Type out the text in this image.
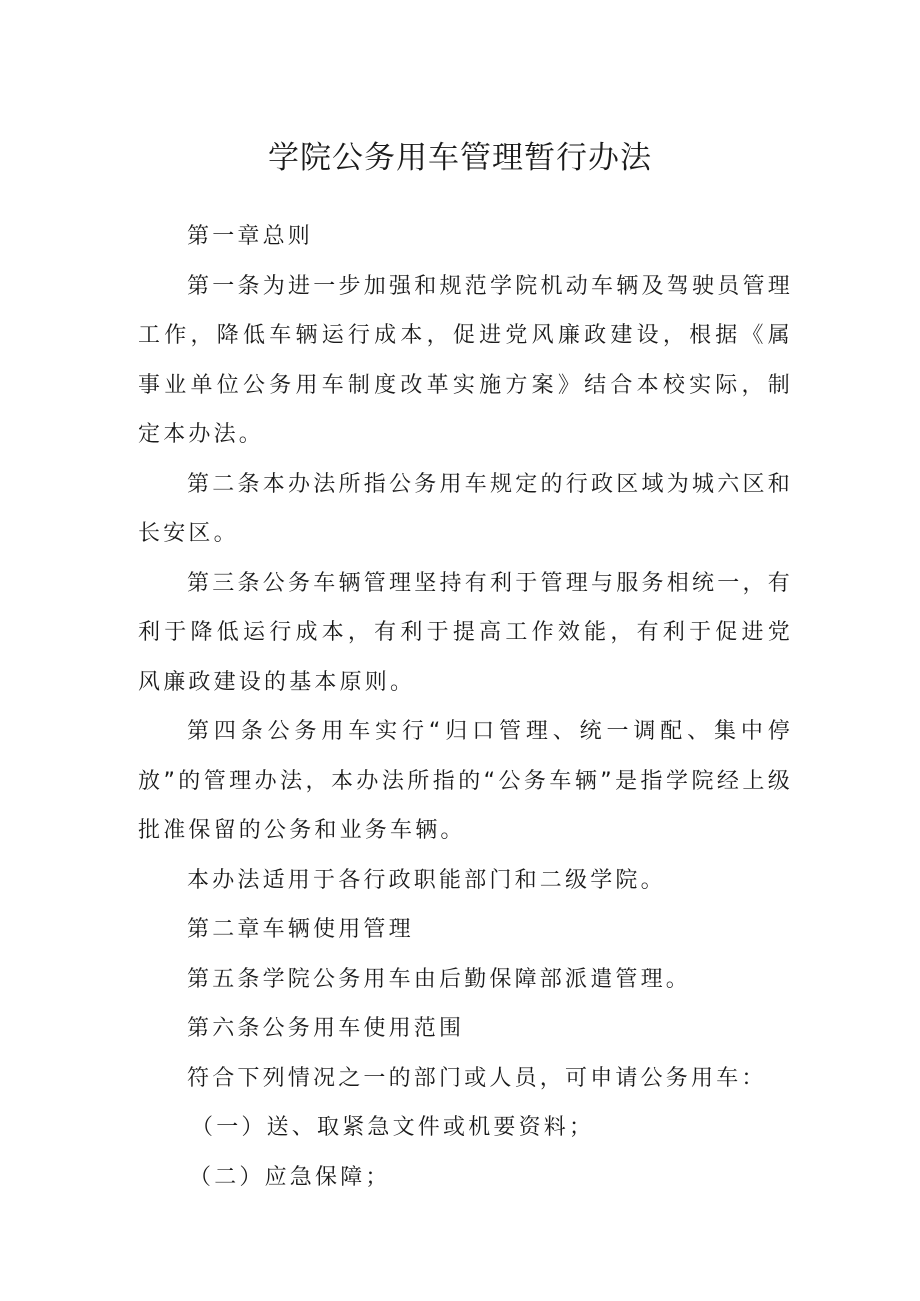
学院公务用车管理暂行办法

第一章总则

第一条为进一步加强和规范学院机动车辆及驾驶员管理工作，降低车辆运行成本，促进党风廉政建设，根据《属事业单位公务用车制度改革实施方案》结合本校实际，制定本办法。

第二条本办法所指公务用车规定的行政区域为城六区和长安区。

第三条公务车辆管理坚持有利于管理与服务相统一，有利于降低运行成本，有利于提高工作效能，有利于促进党风廉政建设的基本原则。

第四条公务用车实行“归口管理、统一调配、集中停放”的管理办法，本办法所指的“公务车辆”是指学院经上级批准保留的公务和业务车辆。

本办法适用于各行政职能部门和二级学院。

第二章车辆使用管理

第五条学院公务用车由后勤保障部派遣管理。

第六条公务用车使用范围

符合下列情况之一的部门或人员，可申请公务用车：

（一）送、取紧急文件或机要资料；

（二）应急保障；
